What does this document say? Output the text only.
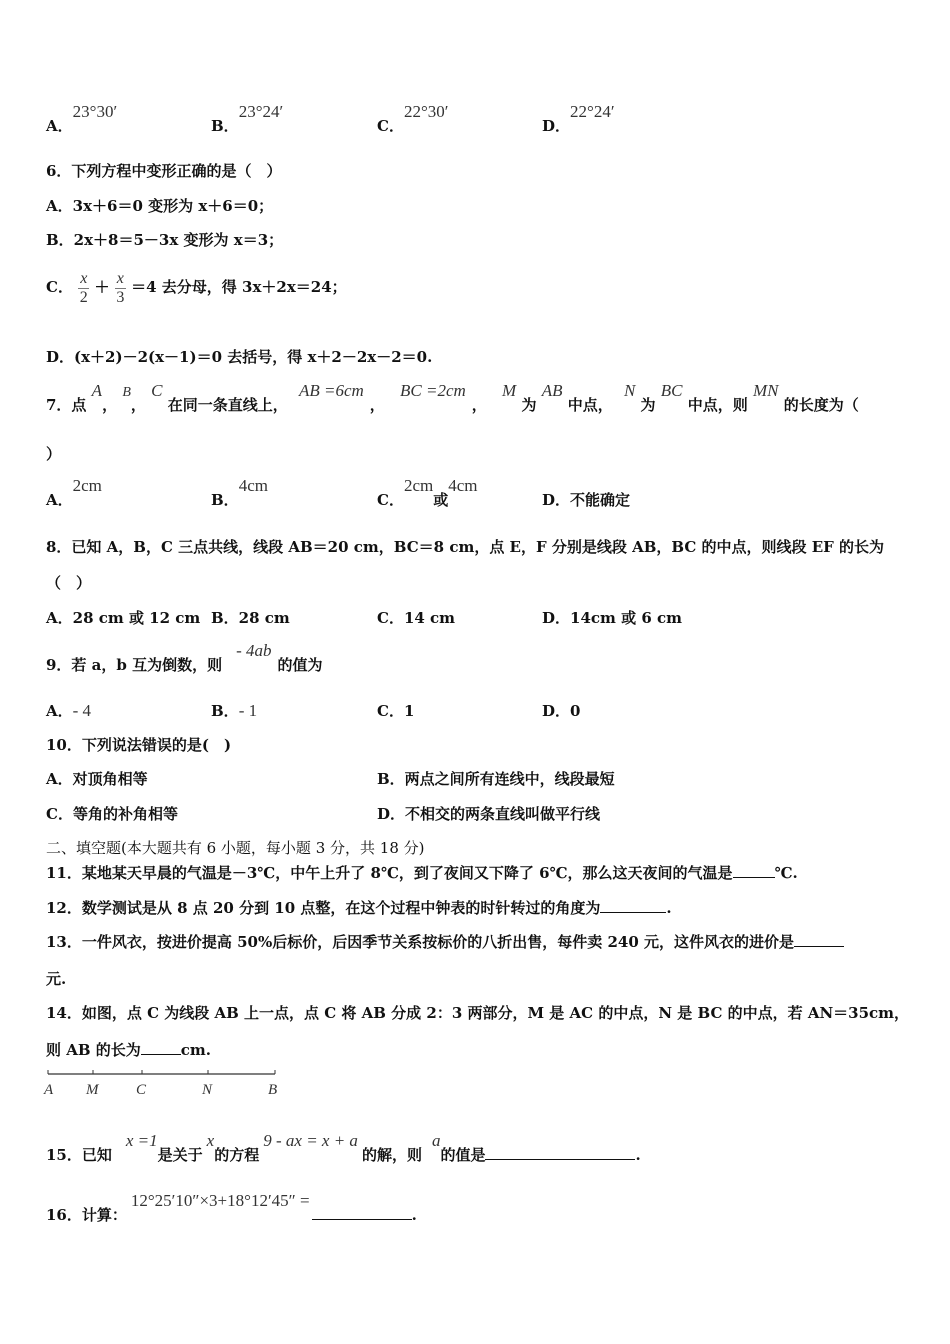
A．23°30′
B．23°24′
C．22°30′
D．22°24′
6．下列方程中变形正确的是（　）
A．3x＋6＝0 变形为 x＋6＝0；
B．2x＋8＝5－3x 变形为 x＝3；
C． $\frac{x}{2} + \frac{x}{3} =4$ 去分母，得 3x＋2x＝24；
D．(x＋2)－2(x－1)＝0 去括号，得 x＋2－2x－2＝0.
7．点 A， B， C 在同一条直线上， AB =6cm， BC =2cm， M 为 AB 中点， N 为 BC 中点，则 MN 的长度为（
）
A．2cm
B．4cm
C．2cm或4cm
D．不能确定
8．已知 A，B，C 三点共线，线段 AB＝20 cm，BC＝8 cm，点 E，F 分别是线段 AB，BC 的中点，则线段 EF 的长为
（　）
A．28 cm 或 12 cm B．28 cm	C．14 cm	D．14cm 或 6 cm
9．若 a，b 互为倒数，则- 4ab的值为
A．- 4	B．- 1	C．1	D．0
10．下列说法错误的是(　)
A．对顶角相等	B．两点之间所有连线中，线段最短
C．等角的补角相等	D．不相交的两条直线叫做平行线
二、填空题(本大题共有 6 小题，每小题 3 分，共 18 分)
11．某地某天早晨的气温是－3℃，中午上升了 8℃，到了夜间又下降了 6℃，那么这天夜间的气温是	℃.
12．数学测试是从 8 点 20 分到 10 点整，在这个过程中钟表的时针转过的角度为	.
13．一件风衣，按进价提高 50%后标价，后因季节关系按标价的八折出售，每件卖 240 元，这件风衣的进价是
元.
14．如图，点 C 为线段 AB 上一点，点 C 将 AB 分成 2：3 两部分，M 是 AC 的中点，N 是 BC 的中点，若 AN＝35cm，
则 AB 的长为	cm.
A M	C	N	B
15．已知x =1是关于x的方程9 - ax = x + a的解，则a的值是	.
16．计算：12°25′10″×3+18°12′45″ =.
